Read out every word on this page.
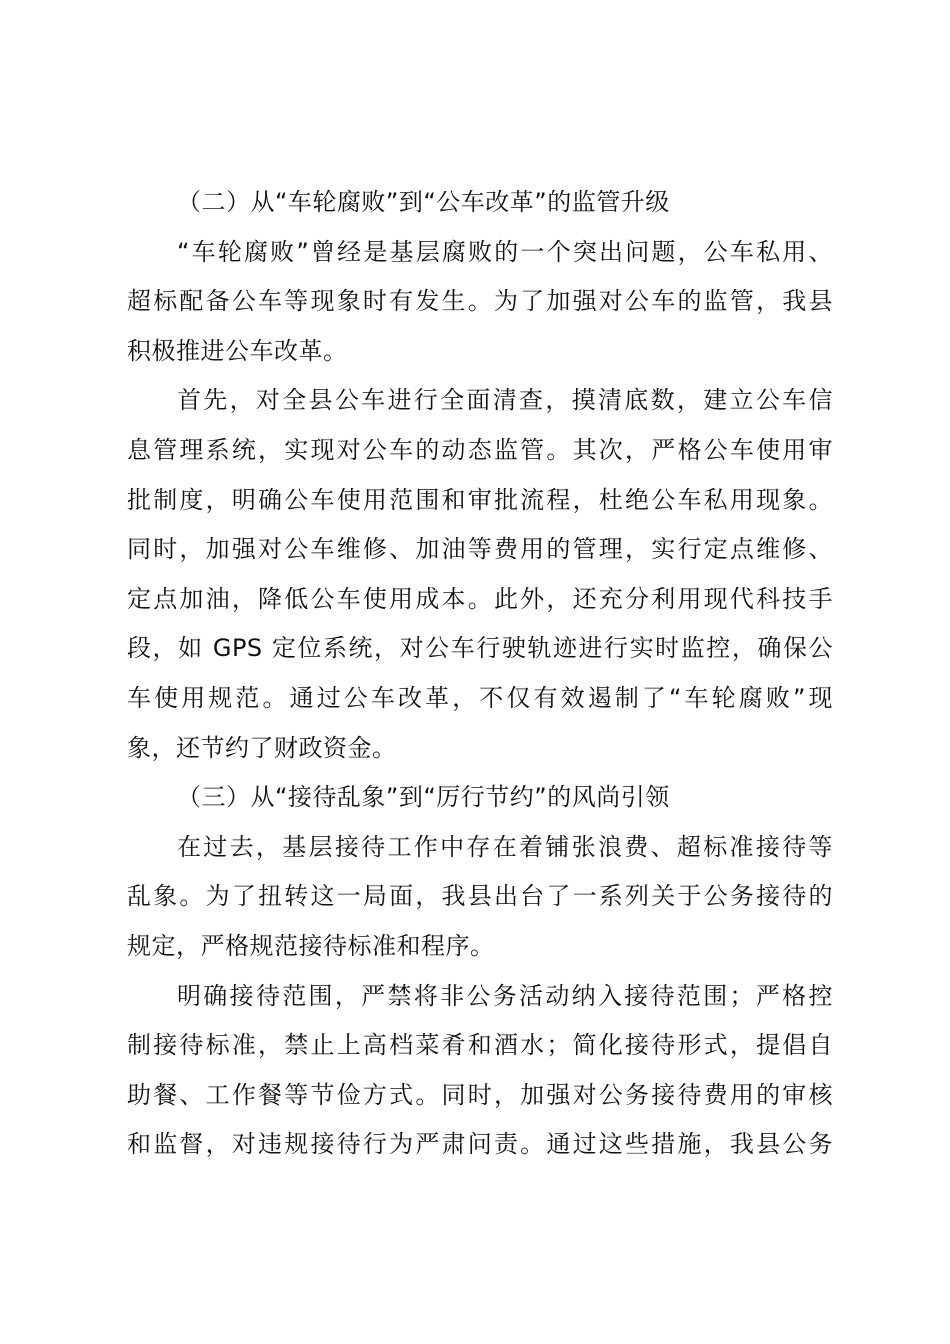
（二）从“车轮腐败”到“公车改革”的监管升级
“车轮腐败”曾经是基层腐败的一个突出问题，公车私用、
超标配备公车等现象时有发生。为了加强对公车的监管，我县
积极推进公车改革。
首先，对全县公车进行全面清查，摸清底数，建立公车信
息管理系统，实现对公车的动态监管。其次，严格公车使用审
批制度，明确公车使用范围和审批流程，杜绝公车私用现象。
同时，加强对公车维修、加油等费用的管理，实行定点维修、
定点加油，降低公车使用成本。此外，还充分利用现代科技手
段，如 GPS 定位系统，对公车行驶轨迹进行实时监控，确保公
车使用规范。通过公车改革，不仅有效遏制了“车轮腐败”现
象，还节约了财政资金。
（三）从“接待乱象”到“厉行节约”的风尚引领
在过去，基层接待工作中存在着铺张浪费、超标准接待等
乱象。为了扭转这一局面，我县出台了一系列关于公务接待的
规定，严格规范接待标准和程序。
明确接待范围，严禁将非公务活动纳入接待范围；严格控
制接待标准，禁止上高档菜肴和酒水；简化接待形式，提倡自
助餐、工作餐等节俭方式。同时，加强对公务接待费用的审核
和监督，对违规接待行为严肃问责。通过这些措施，我县公务
